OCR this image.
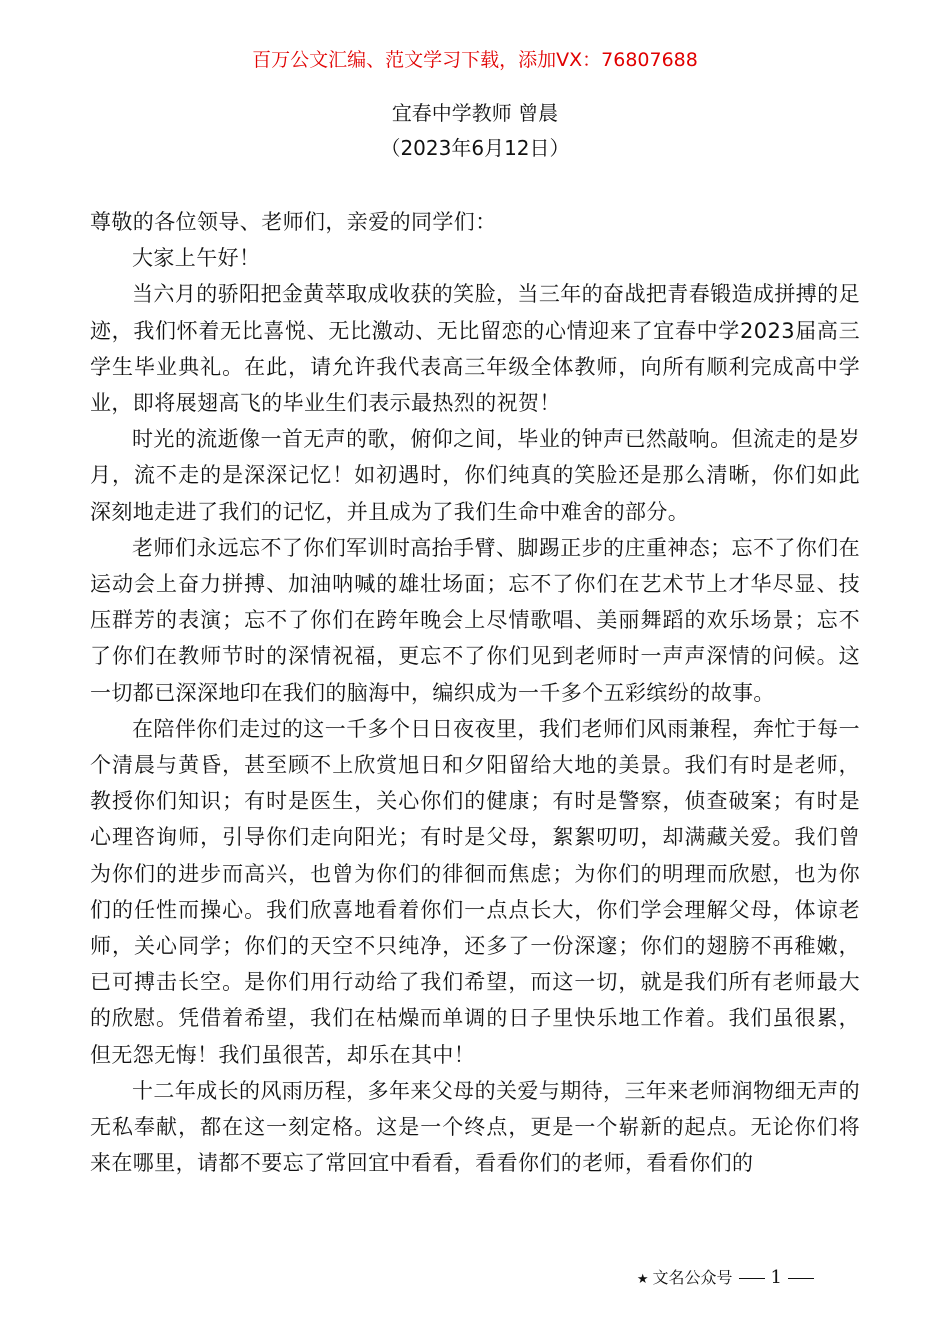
百万公文汇编、范文学习下载，添加VX：76807688
宜春中学教师 曾晨
（2023年6月12日）

尊敬的各位领导、老师们，亲爱的同学们：

大家上午好！

当六月的骄阳把金黄萃取成收获的笑脸，当三年的奋战把青春锻造成拼搏的足迹，我们怀着无比喜悦、无比激动、无比留恋的心情迎来了宜春中学2023届高三学生毕业典礼。在此，请允许我代表高三年级全体教师，向所有顺利完成高中学业，即将展翅高飞的毕业生们表示最热烈的祝贺！

时光的流逝像一首无声的歌，俯仰之间，毕业的钟声已然敲响。但流走的是岁月，流不走的是深深记忆！如初遇时，你们纯真的笑脸还是那么清晰，你们如此深刻地走进了我们的记忆，并且成为了我们生命中难舍的部分。

老师们永远忘不了你们军训时高抬手臂、脚踢正步的庄重神态；忘不了你们在运动会上奋力拼搏、加油呐喊的雄壮场面；忘不了你们在艺术节上才华尽显、技压群芳的表演；忘不了你们在跨年晚会上尽情歌唱、美丽舞蹈的欢乐场景；忘不了你们在教师节时的深情祝福，更忘不了你们见到老师时一声声深情的问候。这一切都已深深地印在我们的脑海中，编织成为一千多个五彩缤纷的故事。

在陪伴你们走过的这一千多个日日夜夜里，我们老师们风雨兼程，奔忙于每一个清晨与黄昏，甚至顾不上欣赏旭日和夕阳留给大地的美景。我们有时是老师，教授你们知识；有时是医生，关心你们的健康；有时是警察，侦查破案；有时是心理咨询师，引导你们走向阳光；有时是父母，絮絮叨叨，却满藏关爱。我们曾为你们的进步而高兴，也曾为你们的徘徊而焦虑；为你们的明理而欣慰，也为你们的任性而操心。我们欣喜地看着你们一点点长大，你们学会理解父母，体谅老师，关心同学；你们的天空不只纯净，还多了一份深邃；你们的翅膀不再稚嫩，已可搏击长空。是你们用行动给了我们希望，而这一切，就是我们所有老师最大的欣慰。凭借着希望，我们在枯燥而单调的日子里快乐地工作着。我们虽很累，但无怨无悔！我们虽很苦，却乐在其中！

十二年成长的风雨历程，多年来父母的关爱与期待，三年来老师润物细无声的无私奉献，都在这一刻定格。这是一个终点，更是一个崭新的起点。无论你们将来在哪里，请都不要忘了常回宜中看看，看看你们的老师，看看你们的

★ 文名公众号 1
